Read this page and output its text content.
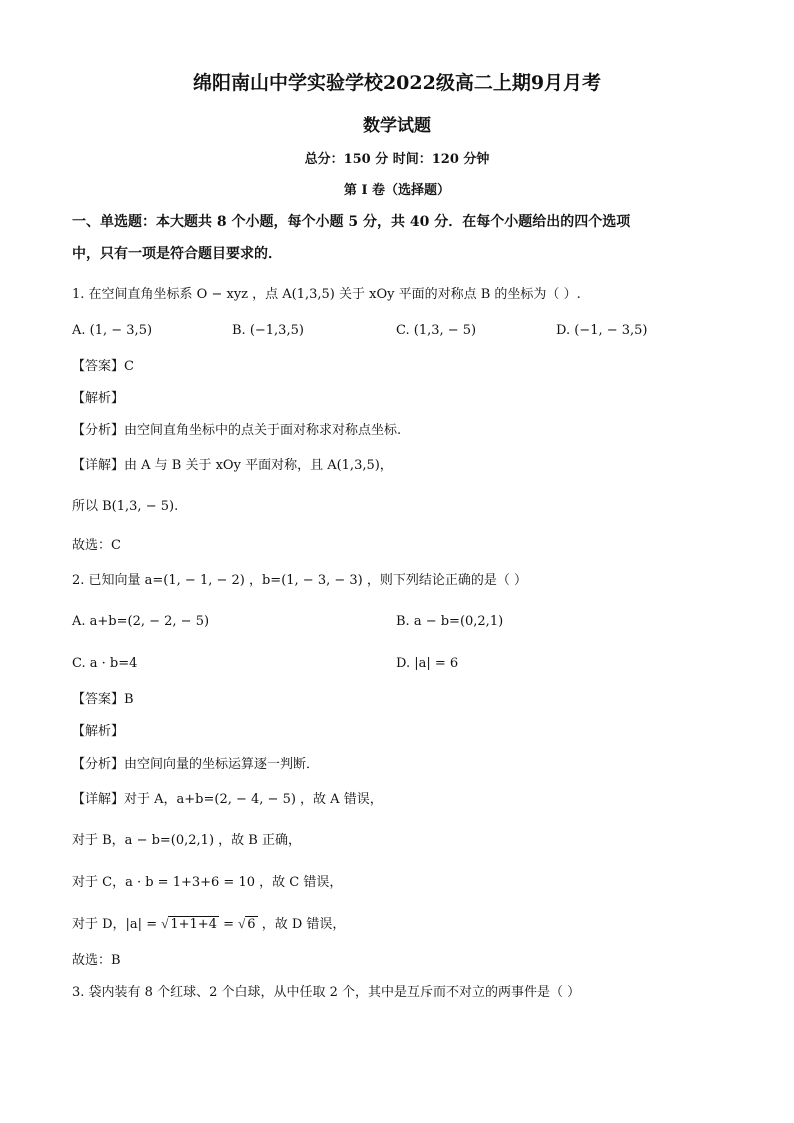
绵阳南山中学实验学校2022级高二上期9月月考
数学试题
总分：150 分 时间：120 分钟
第 I 卷（选择题）
一、单选题：本大题共 8 个小题，每个小题 5 分，共 40 分．在每个小题给出的四个选项
中，只有一项是符合题目要求的．
1. 在空间直角坐标系 O − xyz ，点 A(1,3,5) 关于 xOy 平面的对称点 B 的坐标为（ ）.
A. (1, − 3,5)	B. (−1,3,5)	C. (1,3, − 5)	D. (−1, − 3,5)
【答案】C
【解析】
【分析】由空间直角坐标中的点关于面对称求对称点坐标.
【详解】由 A 与 B 关于 xOy 平面对称，且 A(1,3,5)，
所以 B(1,3, − 5).
故选：C
2. 已知向量 a=(1, − 1, − 2) ，b=(1, − 3, − 3) ，则下列结论正确的是（ ）
A. a+b=(2, − 2, − 5)	B. a − b=(0,2,1)
C. a · b=4	D. |a| = 6
【答案】B
【解析】
【分析】由空间向量的坐标运算逐一判断．
【详解】对于 A，a+b=(2, − 4, − 5) ，故 A 错误，
对于 B，a − b=(0,2,1) ，故 B 正确，
对于 C，a · b = 1+3+6 = 10 ，故 C 错误，
对于 D，|a| = √ 1+1+4 = √ 6 ，故 D 错误，
故选：B
3. 袋内装有 8 个红球、2 个白球，从中任取 2 个，其中是互斥而不对立的两事件是（ ）
